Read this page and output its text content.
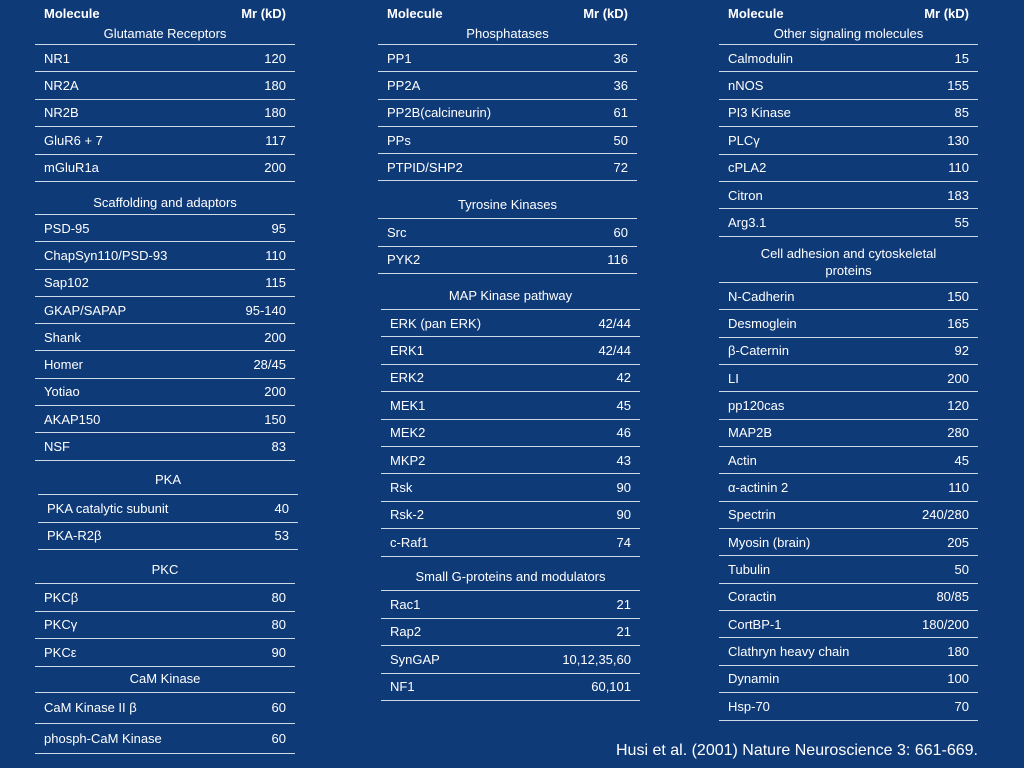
Molecule	Mr (kD)
Glutamate Receptors
NR1	120
NR2A	180
NR2B	180
GluR6 + 7	117
mGluR1a	200
Scaffolding and adaptors
PSD-95	95
ChapSyn110/PSD-93	110
Sap102	115
GKAP/SAPAP	95-140
Shank	200
Homer	28/45
Yotiao	200
AKAP150	150
NSF	83
PKA
PKA catalytic subunit	40
PKA-R2β	53
PKC
PKCβ	80
PKCγ	80
PKCε	90
CaM Kinase
CaM Kinase II β	60
phosph-CaM Kinase	60
Molecule	Mr (kD)
Phosphatases
PP1	36
PP2A	36
PP2B(calcineurin)	61
PPs	50
PTPID/SHP2	72
Tyrosine Kinases
Src	60
PYK2	116
MAP Kinase pathway
ERK (pan ERK)	42/44
ERK1	42/44
ERK2	42
MEK1	45
MEK2	46
MKP2	43
Rsk	90
Rsk-2	90
c-Raf1	74
Small G-proteins and modulators
Rac1	21
Rap2	21
SynGAP	10,12,35,60
NF1	60,101
Molecule	Mr (kD)
Other signaling molecules
Calmodulin	15
nNOS	155
PI3 Kinase	85
PLCγ	130
cPLA2	110
Citron	183
Arg3.1	55
Cell adhesion and cytoskeletal proteins
N-Cadherin	150
Desmoglein	165
β-Caternin	92
LI	200
pp120cas	120
MAP2B	280
Actin	45
α-actinin 2	110
Spectrin	240/280
Myosin (brain)	205
Tubulin	50
Coractin	80/85
CortBP-1	180/200
Clathryn heavy chain	180
Dynamin	100
Hsp-70	70
Husi et al. (2001) Nature Neuroscience 3: 661-669.
